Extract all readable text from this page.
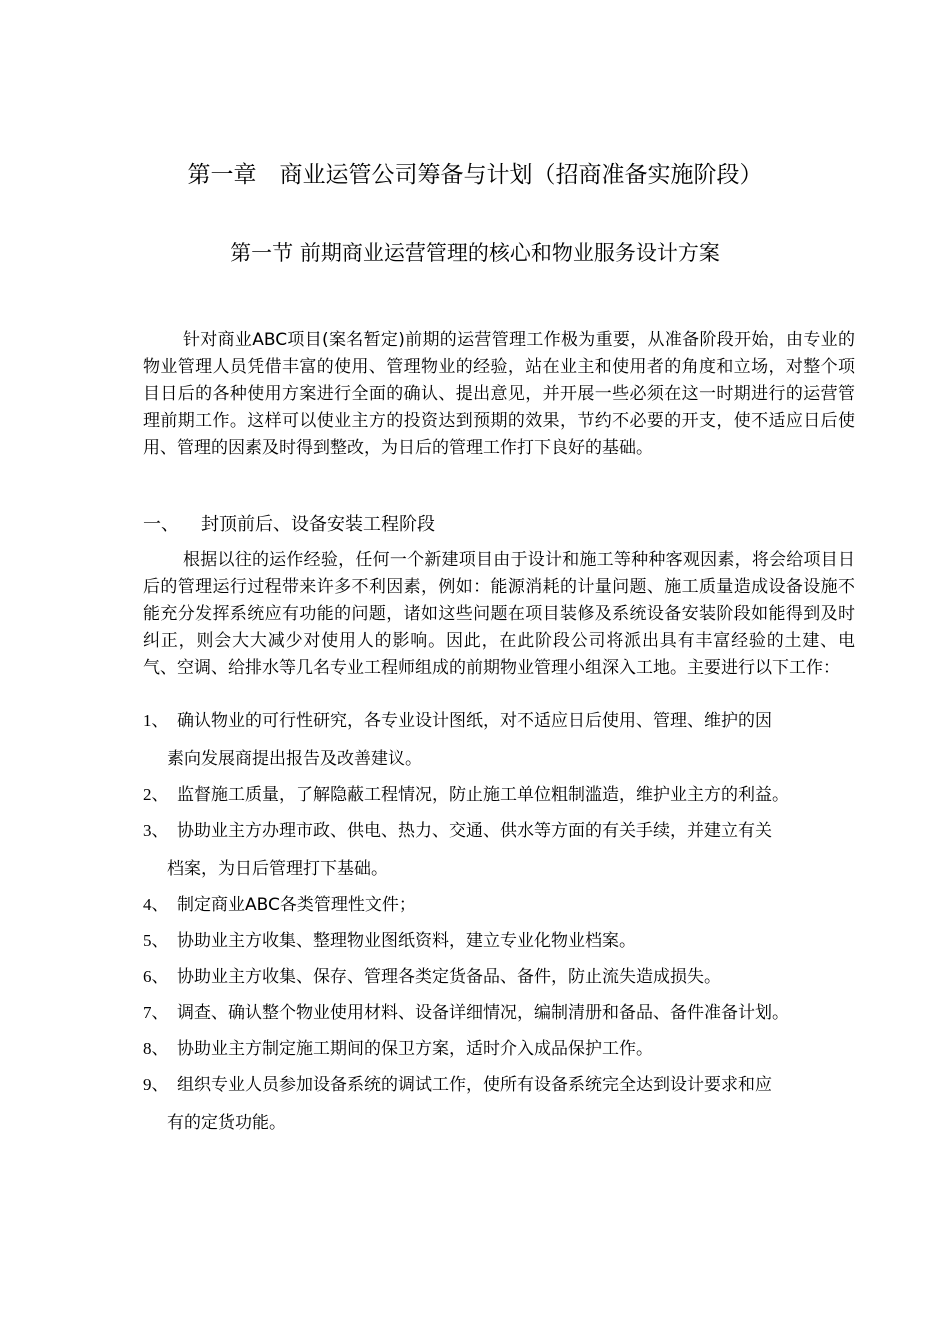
第一章　商业运管公司筹备与计划（招商准备实施阶段）
第一节 前期商业运营管理的核心和物业服务设计方案

针对商业ABC项目(案名暂定)前期的运营管理工作极为重要，从准备阶段开始，由专业的物业管理人员凭借丰富的使用、管理物业的经验，站在业主和使用者的角度和立场，对整个项目日后的各种使用方案进行全面的确认、提出意见，并开展一些必须在这一时期进行的运营管理前期工作。这样可以使业主方的投资达到预期的效果，节约不必要的开支，使不适应日后使用、管理的因素及时得到整改，为日后的管理工作打下良好的基础。

一、 封顶前后、设备安装工程阶段

根据以往的运作经验，任何一个新建项目由于设计和施工等种种客观因素，将会给项目日后的管理运行过程带来许多不利因素，例如：能源消耗的计量问题、施工质量造成设备设施不能充分发挥系统应有功能的问题，诸如这些问题在项目装修及系统设备安装阶段如能得到及时纠正，则会大大减少对使用人的影响。因此，在此阶段公司将派出具有丰富经验的土建、电气、空调、给排水等几名专业工程师组成的前期物业管理小组深入工地。主要进行以下工作：

1、 确认物业的可行性研究，各专业设计图纸，对不适应日后使用、管理、维护的因
素向发展商提出报告及改善建议。
2、 监督施工质量，了解隐蔽工程情况，防止施工单位粗制滥造，维护业主方的利益。
3、 协助业主方办理市政、供电、热力、交通、供水等方面的有关手续，并建立有关
档案，为日后管理打下基础。
4、 制定商业ABC各类管理性文件；
5、 协助业主方收集、整理物业图纸资料，建立专业化物业档案。
6、 协助业主方收集、保存、管理各类定货备品、备件，防止流失造成损失。
7、 调查、确认整个物业使用材料、设备详细情况，编制清册和备品、备件准备计划。
8、 协助业主方制定施工期间的保卫方案，适时介入成品保护工作。
9、 组织专业人员参加设备系统的调试工作，使所有设备系统完全达到设计要求和应
有的定货功能。
